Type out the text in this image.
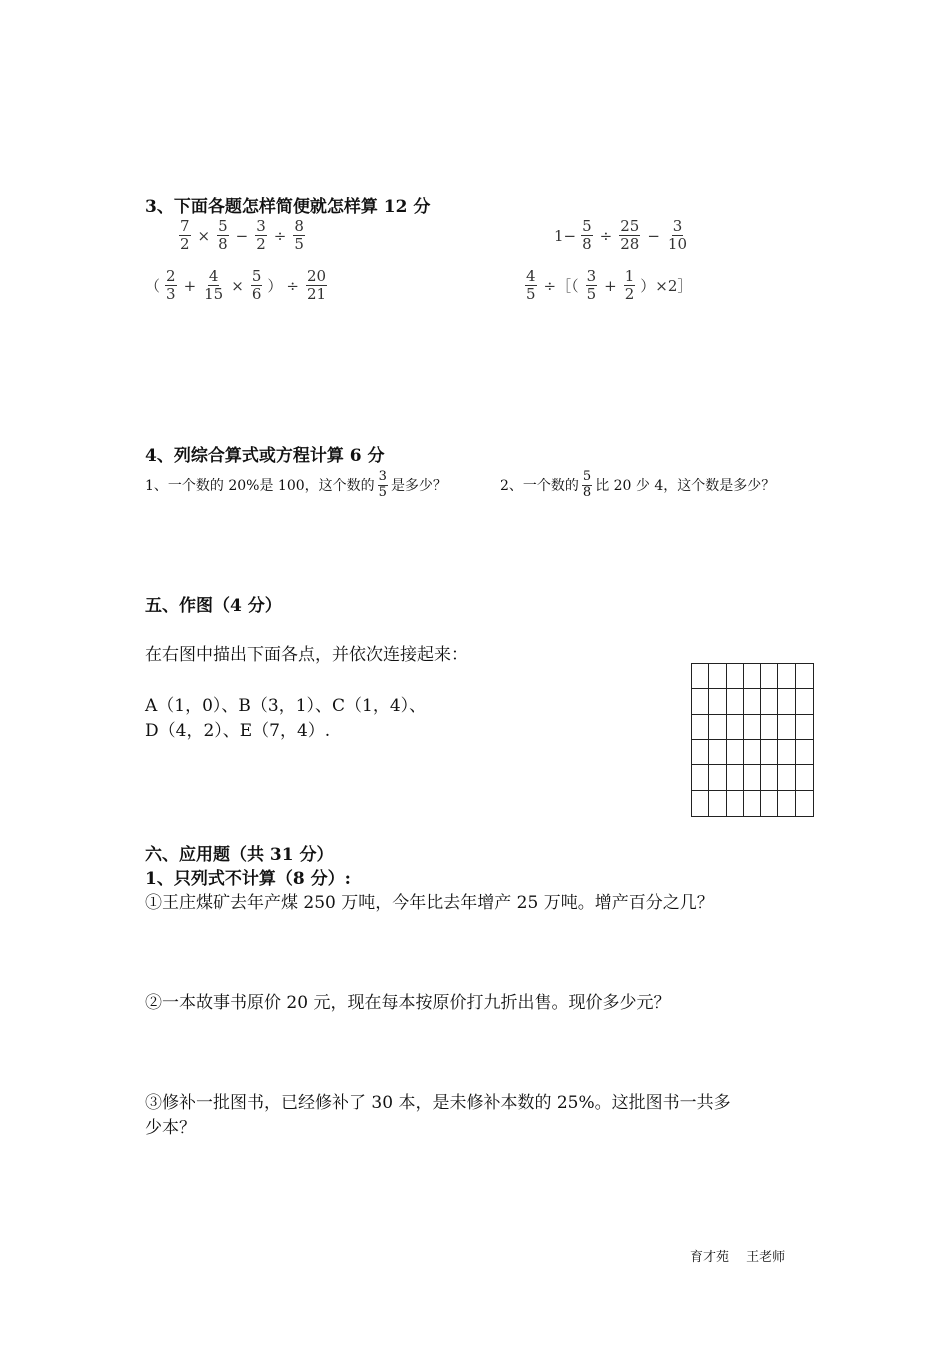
3、下面各题怎样简便就怎样算 12 分
$\frac{7}{2} \times \frac{5}{8} - \frac{3}{2} \div \frac{8}{5}$	$1- \frac{5}{8} \div \frac{25}{28} - \frac{3}{10}$
（ $\frac{2}{3} + \frac{4}{15} \times \frac{5}{6}$ ） ÷ $\frac{20}{21}$	$\frac{4}{5}$ ÷［（ $\frac{3}{5} + \frac{1}{2}$ ）×2］
4、列综合算式或方程计算 6 分
1、一个数的 20%是 100，这个数的 $\frac{3}{5}$ 是多少？	2、一个数的 $\frac{5}{8}$ 比 20 少 4，这个数是多少？
五、作图（4 分）
在右图中描出下面各点，并依次连接起来：
A（1，0）、B（3，1）、C（1，4）、
D（4，2）、E（7，4）.
六、应用题（共 31 分）
1、只列式不计算（8 分）:
①王庄煤矿去年产煤 250 万吨，今年比去年增产 25 万吨。增产百分之几？
②一本故事书原价 20 元，现在每本按原价打九折出售。现价多少元？
③修补一批图书，已经修补了 30 本，是未修补本数的 25%。这批图书一共多
少本？
育才苑　 王老师
